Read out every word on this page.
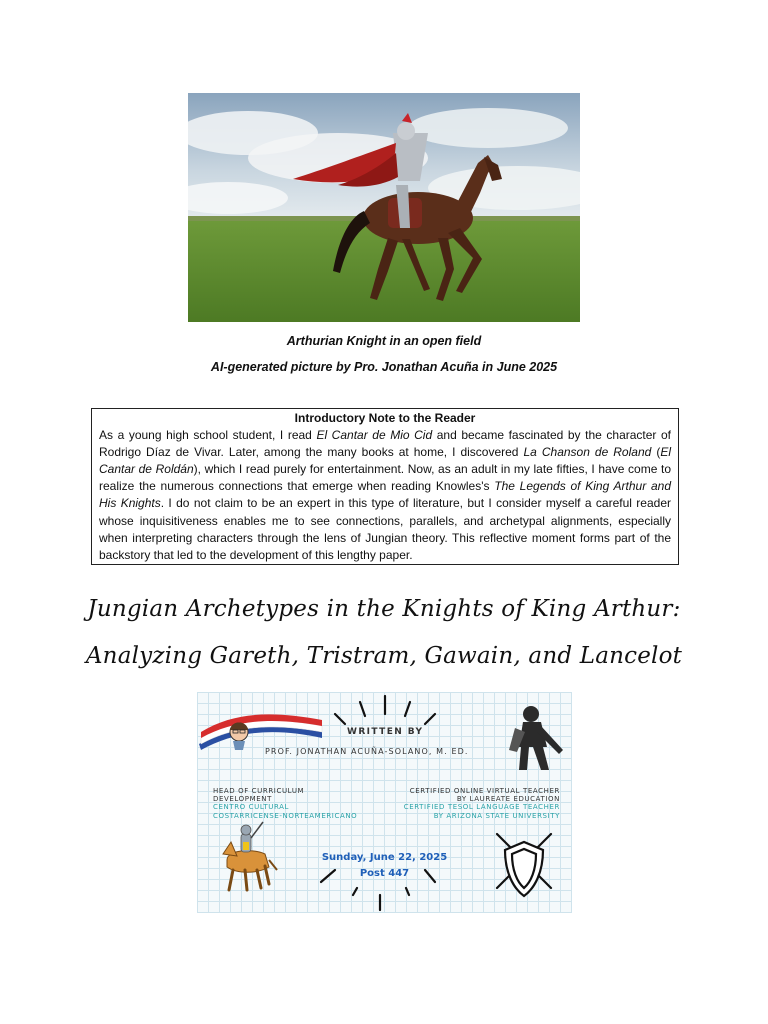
Arthurian Knight in an open field
AI-generated picture by Pro. Jonathan Acuña in June 2025
Introductory Note to the Reader
As a young high school student, I read El Cantar de Mio Cid and became fascinated by the character of Rodrigo Díaz de Vivar. Later, among the many books at home, I discovered La Chanson de Roland (El Cantar de Roldán), which I read purely for entertainment. Now, as an adult in my late fifties, I have come to realize the numerous connections that emerge when reading Knowles's The Legends of King Arthur and His Knights. I do not claim to be an expert in this type of literature, but I consider myself a careful reader whose inquisitiveness enables me to see connections, parallels, and archetypal alignments, especially when interpreting characters through the lens of Jungian theory. This reflective moment forms part of the backstory that led to the development of this lengthy paper.
Jungian Archetypes in the Knights of King Arthur:
Analyzing Gareth, Tristram, Gawain, and Lancelot
WRITTEN BY
PROF. JONATHAN ACUÑA-SOLANO, M. ED.
HEAD OF CURRICULUM
DEVELOPMENT
CENTRO CULTURAL
COSTARRICENSE-NORTEAMERICANO
CERTIFIED ONLINE VIRTUAL TEACHER
BY LAUREATE EDUCATION
CERTIFIED TESOL LANGUAGE TEACHER
BY ARIZONA STATE UNIVERSITY
Sunday, June 22, 2025
Post 447
